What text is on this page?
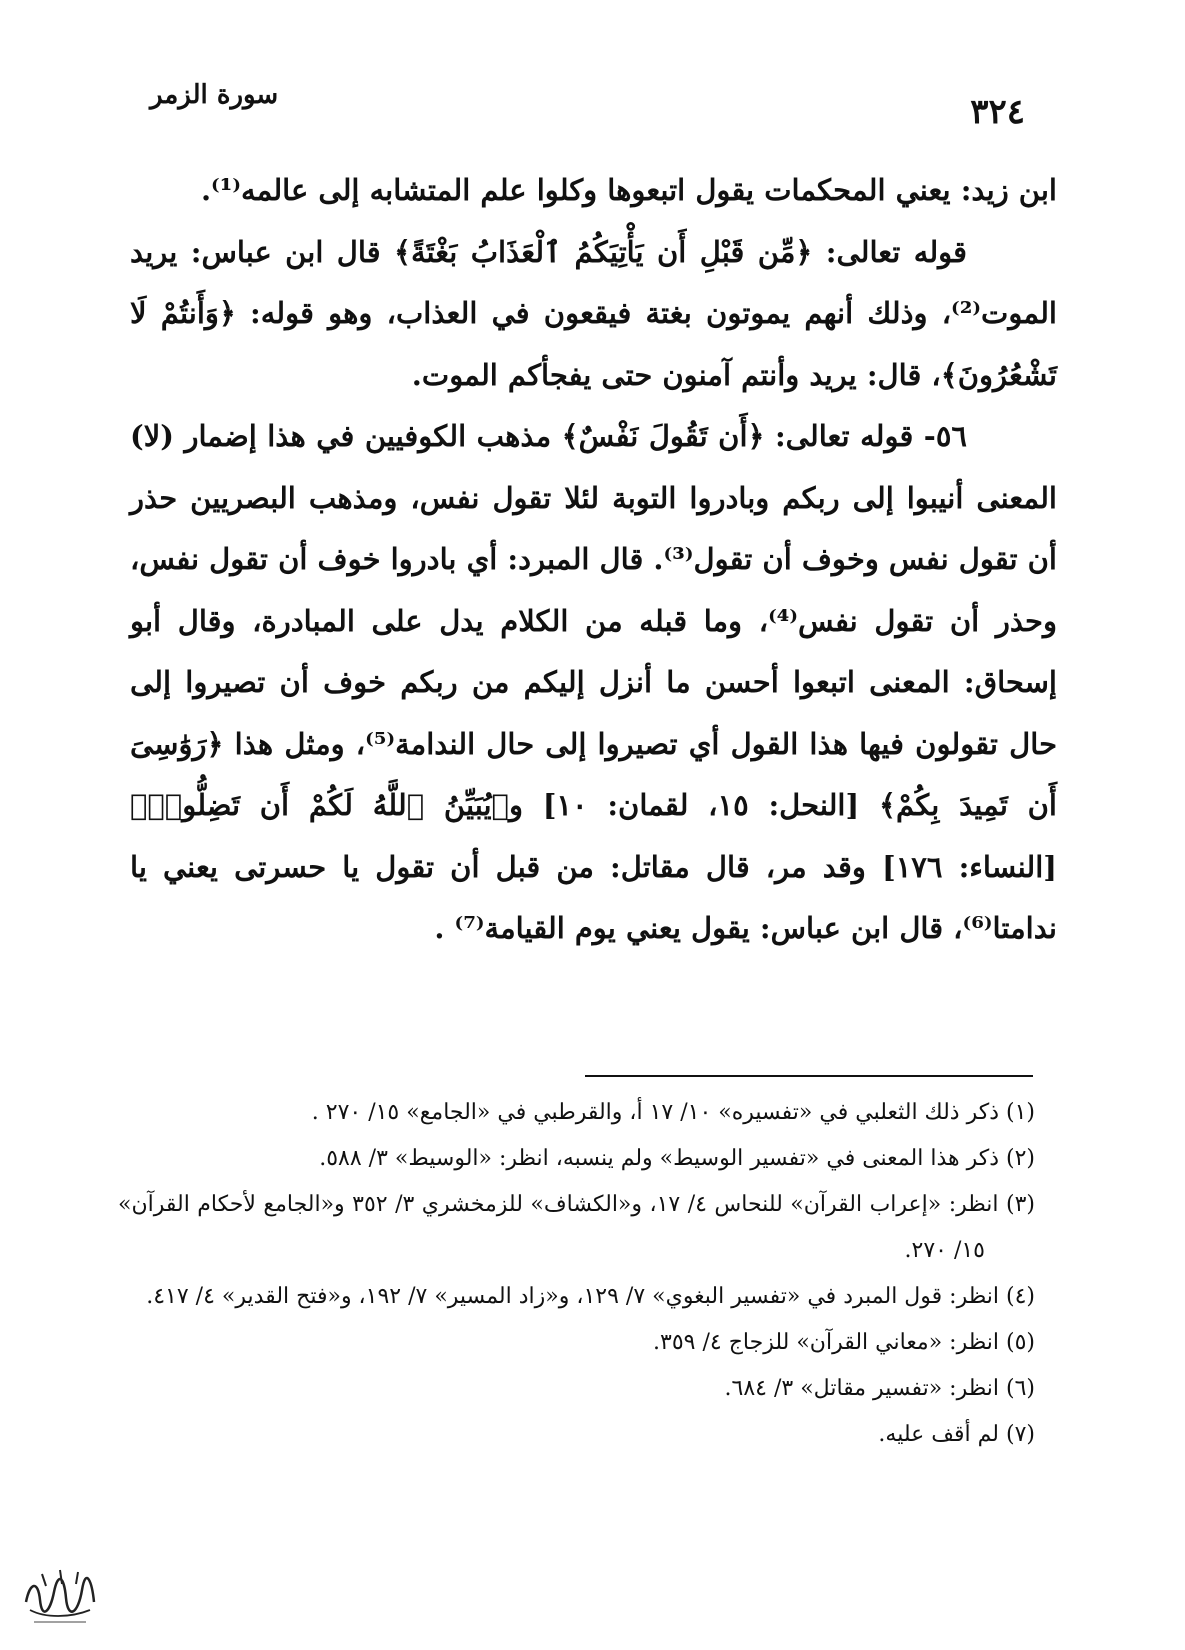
٣٢٤
سورة الزمر

ابن زيد: يعني المحكمات يقول اتبعوها وكلوا علم المتشابه إلى عالمه⁽¹⁾.

قوله تعالى: ﴿مِّن قَبْلِ أَن يَأْتِيَكُمُ ٱلْعَذَابُ بَغْتَةً﴾ قال ابن عباس: يريد الموت⁽²⁾، وذلك أنهم يموتون بغتة فيقعون في العذاب، وهو قوله: ﴿وَأَنتُمْ لَا تَشْعُرُونَ﴾، قال: يريد وأنتم آمنون حتى يفجأكم الموت.

٥٦- قوله تعالى: ﴿أَن تَقُولَ نَفْسٌ﴾ مذهب الكوفيين في هذا إضمار (لا) المعنى أنيبوا إلى ربكم وبادروا التوبة لئلا تقول نفس، ومذهب البصريين حذر أن تقول نفس وخوف أن تقول⁽³⁾. قال المبرد: أي بادروا خوف أن تقول نفس، وحذر أن تقول نفس⁽⁴⁾، وما قبله من الكلام يدل على المبادرة، وقال أبو إسحاق: المعنى اتبعوا أحسن ما أنزل إليكم من ربكم خوف أن تصيروا إلى حال تقولون فيها هذا القول أي تصيروا إلى حال الندامة⁽⁵⁾، ومثل هذا ﴿رَوَٰسِىَ أَن تَمِيدَ بِكُمْ﴾ [النحل: ١٥، لقمان: ١٠] و﴿يُبَيِّنُ ٱللَّهُ لَكُمْ أَن تَضِلُّوا۟﴾ [النساء: ١٧٦] وقد مر، قال مقاتل: من قبل أن تقول يا حسرتى يعني يا ندامتا⁽⁶⁾، قال ابن عباس: يقول يعني يوم القيامة⁽⁷⁾ .

(١) ذكر ذلك الثعلبي في «تفسيره» ١٠/ ١٧ أ، والقرطبي في «الجامع» ١٥/ ٢٧٠ .

(٢) ذكر هذا المعنى في «تفسير الوسيط» ولم ينسبه، انظر: «الوسيط» ٣/ ٥٨٨.

(٣) انظر: «إعراب القرآن» للنحاس ٤/ ١٧، و«الكشاف» للزمخشري ٣/ ٣٥٢ و«الجامع لأحكام القرآن» ١٥/ ٢٧٠.

(٤) انظر: قول المبرد في «تفسير البغوي» ٧/ ١٢٩، و«زاد المسير» ٧/ ١٩٢، و«فتح القدير» ٤/ ٤١٧.

(٥) انظر: «معاني القرآن» للزجاج ٤/ ٣٥٩.

(٦) انظر: «تفسير مقاتل» ٣/ ٦٨٤.

(٧) لم أقف عليه.
